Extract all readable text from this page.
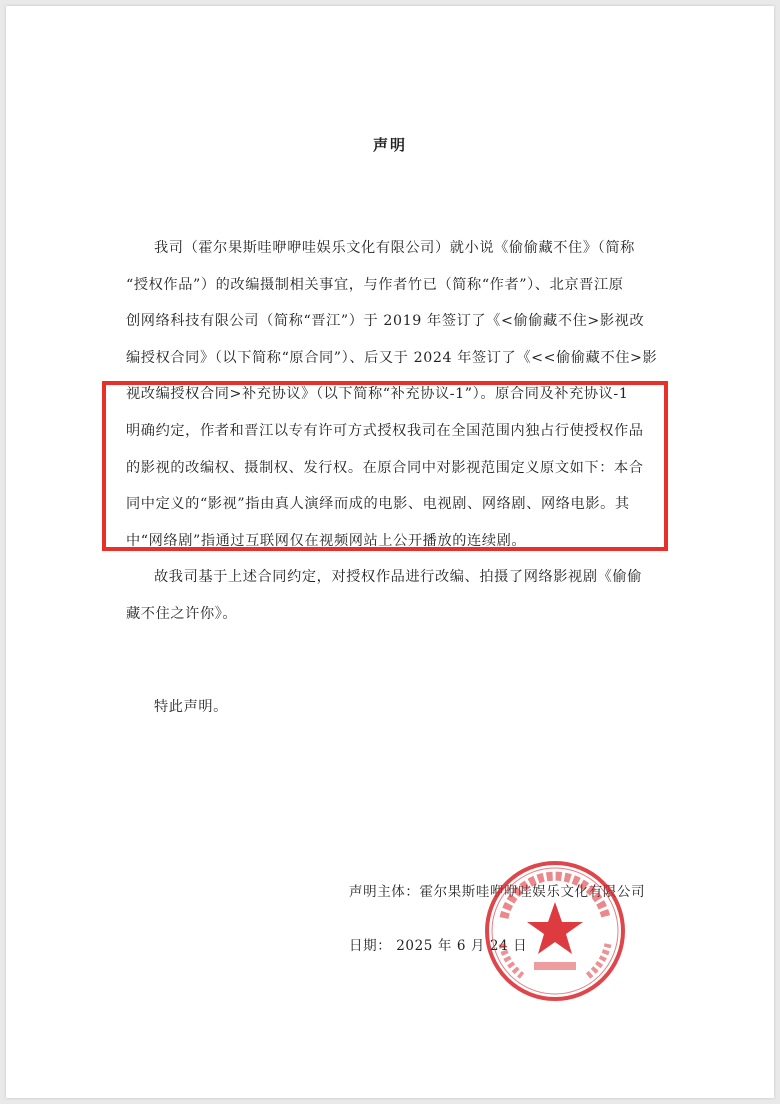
声明
我司（霍尔果斯哇咿咿哇娱乐文化有限公司）就小说《偷偷藏不住》（简称
“授权作品”）的改编摄制相关事宜，与作者竹已（简称“作者”）、北京晋江原
创网络科技有限公司（简称“晋江”）于 2019 年签订了《<偷偷藏不住>影视改
编授权合同》（以下简称“原合同”）、后又于 2024 年签订了《<<偷偷藏不住>影
视改编授权合同>补充协议》（以下简称“补充协议-1”）。原合同及补充协议-1
明确约定，作者和晋江以专有许可方式授权我司在全国范围内独占行使授权作品
的影视的改编权、摄制权、发行权。在原合同中对影视范围定义原文如下：本合
同中定义的“影视”指由真人演绎而成的电影、电视剧、网络剧、网络电影。其
中“网络剧”指通过互联网仅在视频网站上公开播放的连续剧。
故我司基于上述合同约定，对授权作品进行改编、拍摄了网络影视剧《偷偷
藏不住之许你》。
特此声明。
声明主体：霍尔果斯哇咿咿哇娱乐文化有限公司
日期： 2025 年 6 月 24 日
